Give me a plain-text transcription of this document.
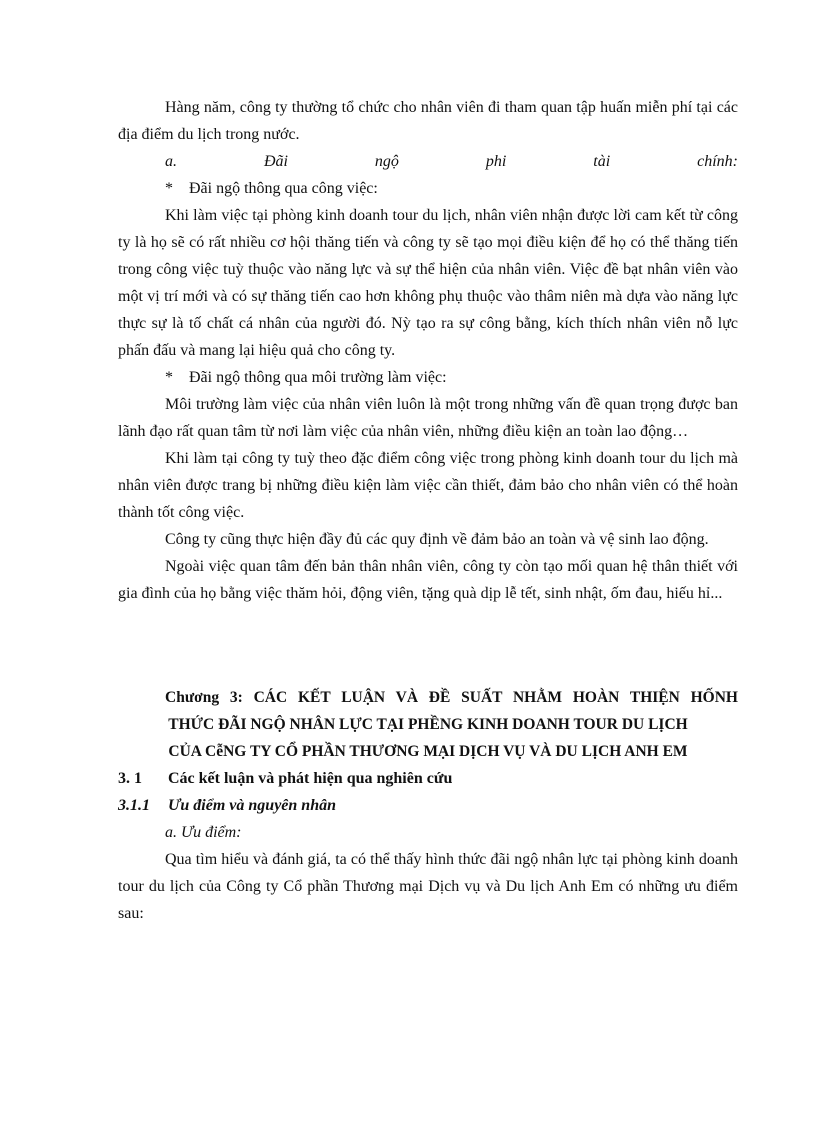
Hàng năm, công ty thường tổ chức cho nhân viên đi tham quan tập huấn miễn phí tại các địa điểm du lịch trong nước.

a. Đãi ngộ phi tài chính:

* Đãi ngộ thông qua công việc:

Khi làm việc tại phòng kinh doanh tour du lịch, nhân viên nhận được lời cam kết từ công ty là họ sẽ có rất nhiều cơ hội thăng tiến và công ty sẽ tạo mọi điều kiện để họ có thể thăng tiến trong công việc tuỳ thuộc vào năng lực và sự thể hiện của nhân viên. Việc đề bạt nhân viên vào một vị trí mới và có sự thăng tiến cao hơn không phụ thuộc vào thâm niên mà dựa vào năng lực thực sự là tố chất cá nhân của người đó. Nỳ tạo ra sự công bằng, kích thích nhân viên nỗ lực phấn đấu và mang lại hiệu quả cho công ty.

* Đãi ngộ thông qua môi trường làm việc:

Môi trường làm việc của nhân viên luôn là một trong những vấn đề quan trọng được ban lãnh đạo rất quan tâm từ nơi làm việc của nhân viên, những điều kiện an toàn lao động…

Khi làm tại công ty tuỳ theo đặc điểm công việc trong phòng kinh doanh tour du lịch mà nhân viên được trang bị những điều kiện làm việc cần thiết, đảm bảo cho nhân viên có thể hoàn thành tốt công việc.

Công ty cũng thực hiện đầy đủ các quy định về đảm bảo an toàn và vệ sinh lao động.

Ngoài việc quan tâm đến bản thân nhân viên, công ty còn tạo mối quan hệ thân thiết với gia đình của họ bằng việc thăm hỏi, động viên, tặng quà dịp lễ tết, sinh nhật, ốm đau, hiếu hỉ...

Chương 3: CÁC KẾT LUẬN VÀ ĐỀ SUẤT NHẰM HOÀN THIỆN HỐNH
THỨC ĐÃI NGỘ NHÂN LỰC TẠI PHỀNG KINH DOANH TOUR DU LỊCH
CỦA CễNG TY CỔ PHẦN THƯƠNG MẠI DỊCH VỤ VÀ DU LỊCH ANH EM
3. 1 Các kết luận và phát hiện qua nghiên cứu
3.1.1 Ưu điểm và nguyên nhân
a. Ưu điểm:

Qua tìm hiểu và đánh giá, ta có thể thấy hình thức đãi ngộ nhân lực tại phòng kinh doanh tour du lịch của Công ty Cổ phần Thương mại Dịch vụ và Du lịch Anh Em có những ưu điểm sau:
